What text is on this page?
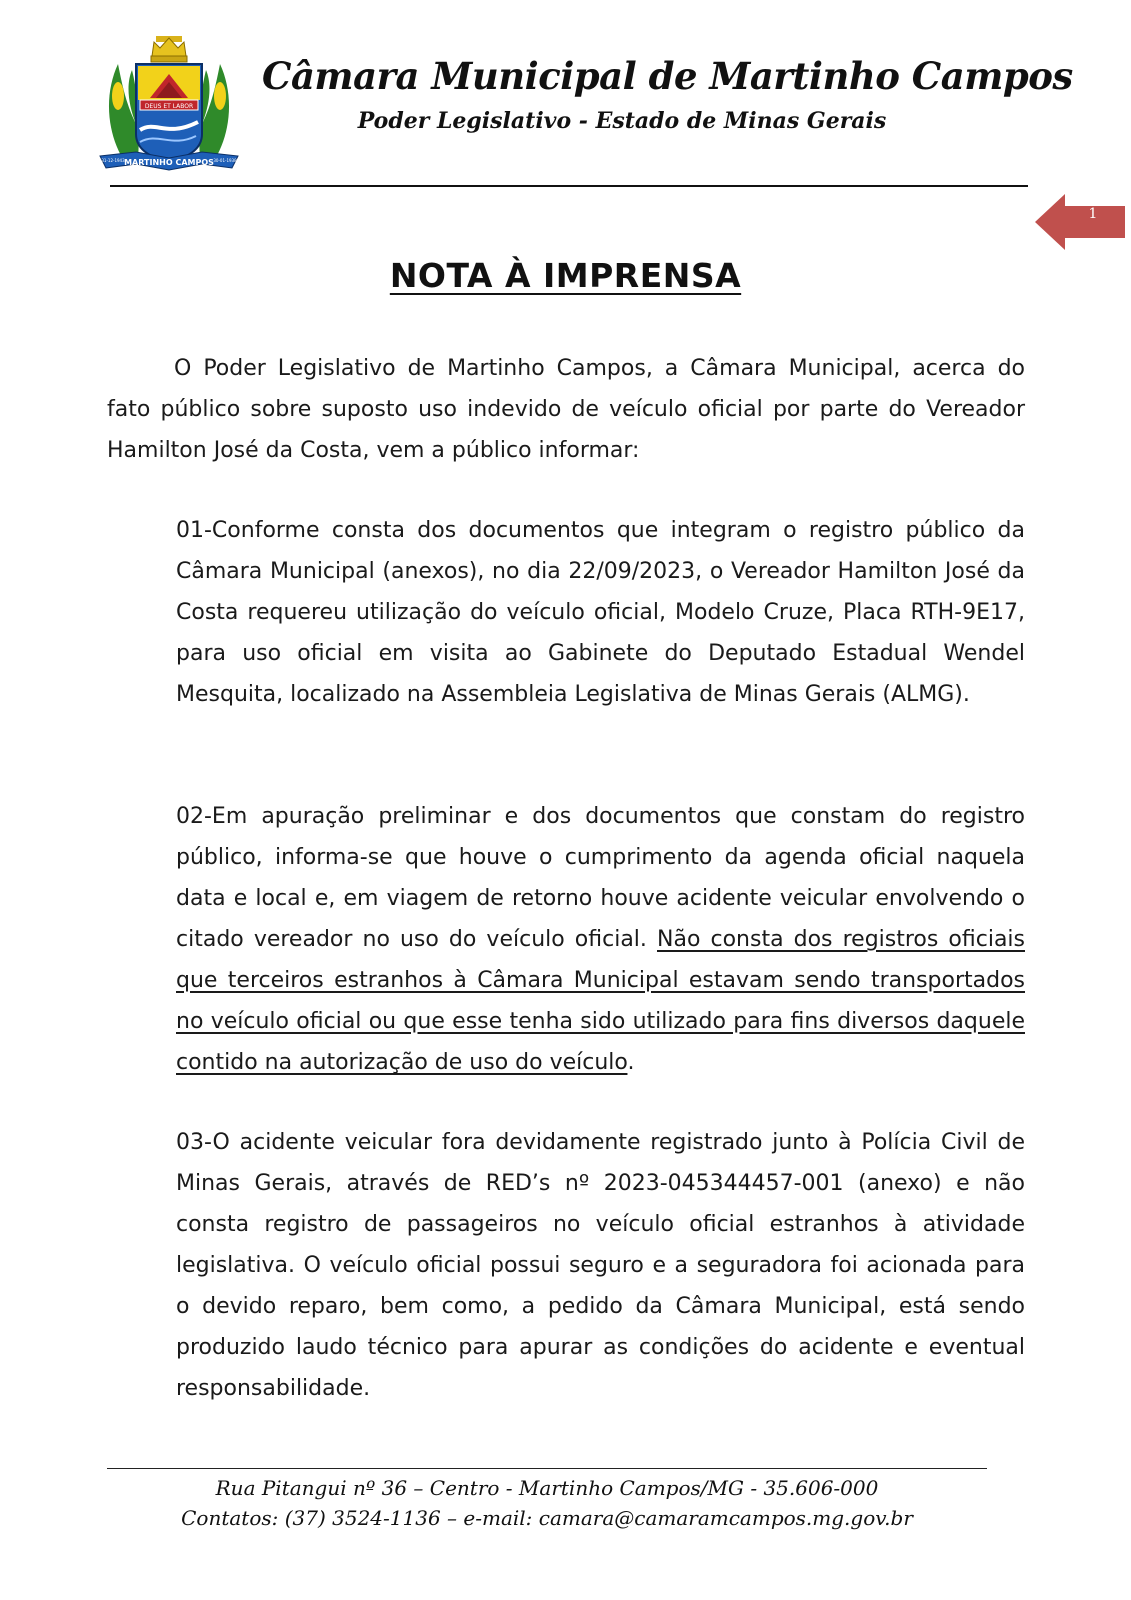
DEUS ET LABOR
MARTINHO CAMPOS
31-12-1943	30-01-1938
Câmara Municipal de Martinho Campos
Poder Legislativo - Estado de Minas Gerais
1
NOTA À IMPRENSA

O Poder Legislativo de Martinho Campos, a Câmara Municipal, acerca do fato público sobre suposto uso indevido de veículo oficial por parte do Vereador Hamilton José da Costa, vem a público informar:

01-Conforme consta dos documentos que integram o registro público da Câmara Municipal (anexos), no dia 22/09/2023, o Vereador Hamilton José da Costa requereu utilização do veículo oficial, Modelo Cruze, Placa RTH-9E17, para uso oficial em visita ao Gabinete do Deputado Estadual Wendel Mesquita, localizado na Assembleia Legislativa de Minas Gerais (ALMG).

02-Em apuração preliminar e dos documentos que constam do registro público, informa-se que houve o cumprimento da agenda oficial naquela data e local e, em viagem de retorno houve acidente veicular envolvendo o citado vereador no uso do veículo oficial. Não consta dos registros oficiais que terceiros estranhos à Câmara Municipal estavam sendo transportados no veículo oficial ou que esse tenha sido utilizado para fins diversos daquele contido na autorização de uso do veículo.

03-O acidente veicular fora devidamente registrado junto à Polícia Civil de Minas Gerais, através de RED’s nº 2023-045344457-001 (anexo) e não consta registro de passageiros no veículo oficial estranhos à atividade legislativa. O veículo oficial possui seguro e a seguradora foi acionada para o devido reparo, bem como, a pedido da Câmara Municipal, está sendo produzido laudo técnico para apurar as condições do acidente e eventual responsabilidade.

Rua Pitangui nº 36 – Centro - Martinho Campos/MG - 35.606-000
Contatos: (37) 3524-1136 – e-mail: camara@camaramcampos.mg.gov.br
